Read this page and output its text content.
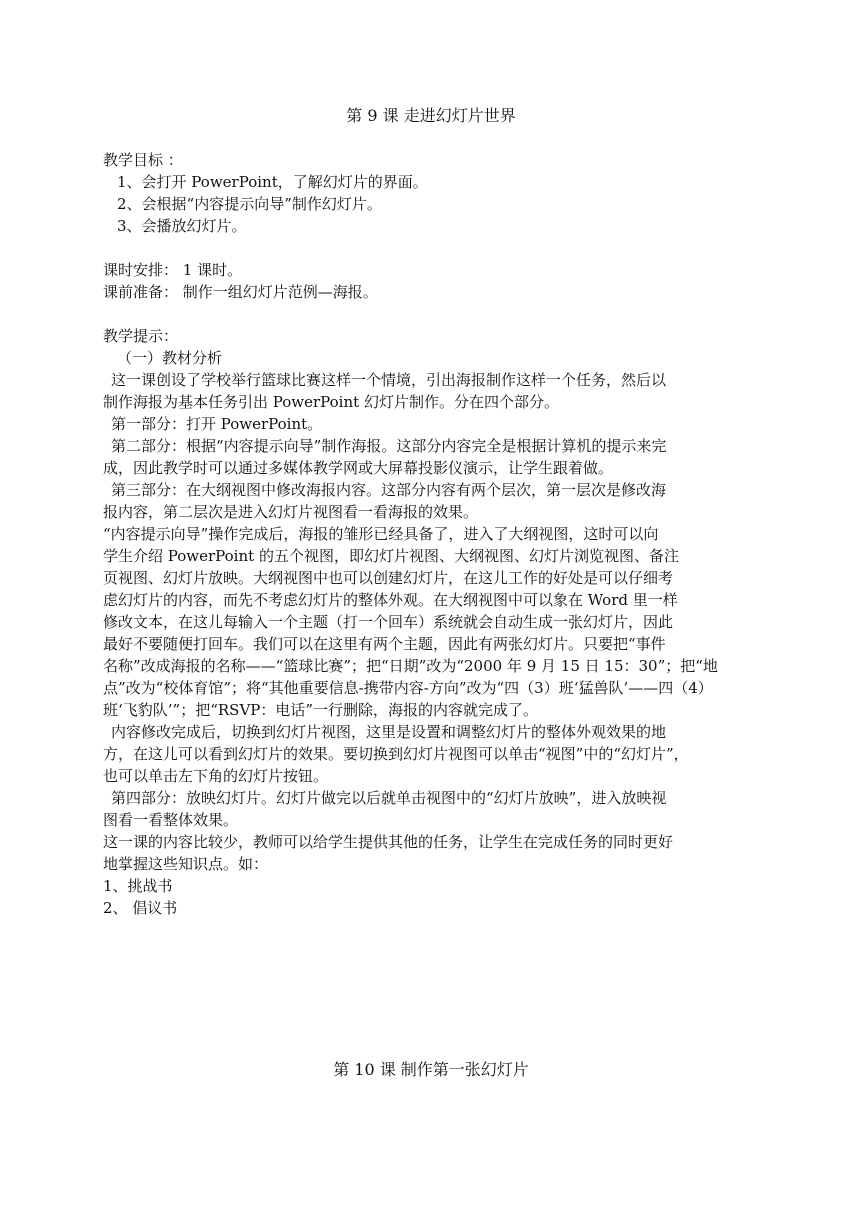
第 9 课 走进幻灯片世界
教学目标 ：
1、会打开 PowerPoint，了解幻灯片的界面。
2、会根据“内容提示向导”制作幻灯片。
3、会播放幻灯片。
课时安排： 1 课时。
课前准备： 制作一组幻灯片范例—海报。
教学提示：
（一）教材分析
这一课创设了学校举行篮球比赛这样一个情境，引出海报制作这样一个任务，然后以
制作海报为基本任务引出 PowerPoint 幻灯片制作。分在四个部分。
第一部分：打开 PowerPoint。
第二部分：根据“内容提示向导”制作海报。这部分内容完全是根据计算机的提示来完
成，因此教学时可以通过多媒体教学网或大屏幕投影仪演示，让学生跟着做。
第三部分：在大纲视图中修改海报内容。这部分内容有两个层次，第一层次是修改海
报内容，第二层次是进入幻灯片视图看一看海报的效果。
“内容提示向导”操作完成后，海报的雏形已经具备了，进入了大纲视图，这时可以向
学生介绍 PowerPoint 的五个视图，即幻灯片视图、大纲视图、幻灯片浏览视图、备注
页视图、幻灯片放映。大纲视图中也可以创建幻灯片，在这儿工作的好处是可以仔细考
虑幻灯片的内容，而先不考虑幻灯片的整体外观。在大纲视图中可以象在 Word 里一样
修改文本，在这儿每输入一个主题（打一个回车）系统就会自动生成一张幻灯片，因此
最好不要随便打回车。我们可以在这里有两个主题，因此有两张幻灯片。只要把“事件
名称”改成海报的名称——“篮球比赛”；把“日期”改为“2000 年 9 月 15 日 15：30”；把“地
点”改为“校体育馆”；将“其他重要信息-携带内容-方向”改为“四（3）班‘猛兽队’——四（4）
班‘飞豹队’”；把“RSVP：电话”一行删除，海报的内容就完成了。
内容修改完成后，切换到幻灯片视图，这里是设置和调整幻灯片的整体外观效果的地
方，在这儿可以看到幻灯片的效果。要切换到幻灯片视图可以单击“视图”中的“幻灯片”，
也可以单击左下角的幻灯片按钮。
第四部分：放映幻灯片。幻灯片做完以后就单击视图中的“幻灯片放映”，进入放映视
图看一看整体效果。
这一课的内容比较少，教师可以给学生提供其他的任务，让学生在完成任务的同时更好
地掌握这些知识点。如：
1、挑战书
2、 倡议书
第 10 课 制作第一张幻灯片
